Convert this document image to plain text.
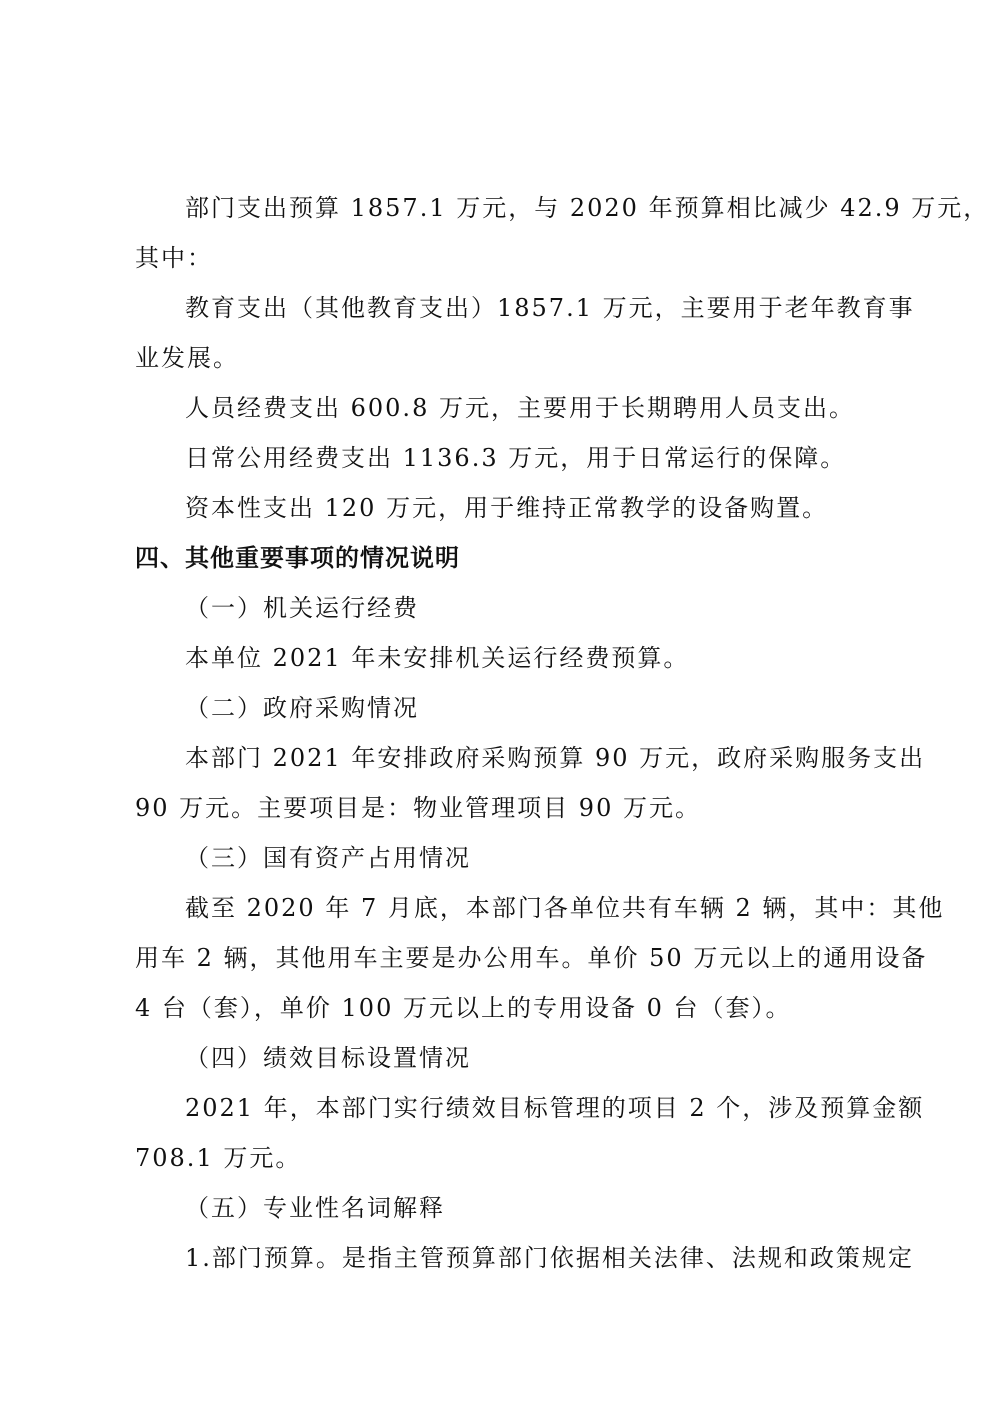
部门支出预算 1857.1 万元，与 2020 年预算相比减少 42.9 万元，
其中：
教育支出（其他教育支出）1857.1 万元，主要用于老年教育事
业发展。
人员经费支出 600.8 万元，主要用于长期聘用人员支出。
日常公用经费支出 1136.3 万元，用于日常运行的保障。
资本性支出 120 万元，用于维持正常教学的设备购置。
四、其他重要事项的情况说明
（一）机关运行经费
本单位 2021 年未安排机关运行经费预算。
（二）政府采购情况
本部门 2021 年安排政府采购预算 90 万元，政府采购服务支出
90 万元。主要项目是：物业管理项目 90 万元。
（三）国有资产占用情况
截至 2020 年 7 月底，本部门各单位共有车辆 2 辆，其中：其他
用车 2 辆，其他用车主要是办公用车。单价 50 万元以上的通用设备
4 台（套），单价 100 万元以上的专用设备 0 台（套）。
（四）绩效目标设置情况
2021 年，本部门实行绩效目标管理的项目 2 个，涉及预算金额
708.1 万元。
（五）专业性名词解释
1.部门预算。是指主管预算部门依据相关法律、法规和政策规定
